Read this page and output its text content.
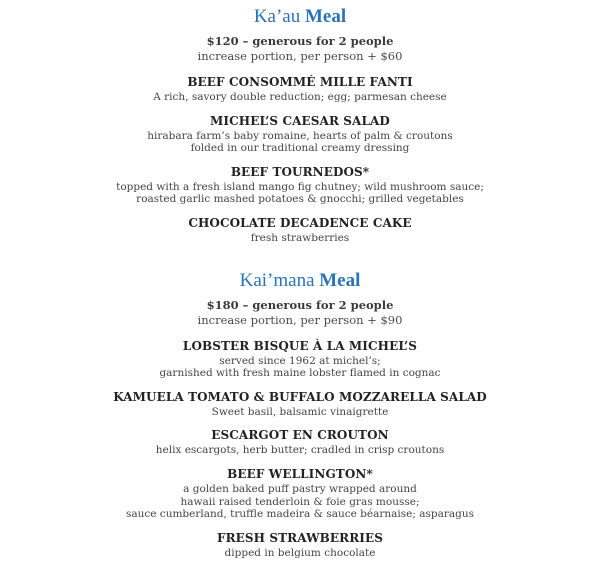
Ka’au Meal
$120 – generous for 2 people
increase portion, per person + $60
BEEF CONSOMMÉ MILLE FANTI
A rich, savory double reduction; egg; parmesan cheese
MICHEL’S CAESAR SALAD
hirabara farm’s baby romaine, hearts of palm & croutons
folded in our traditional creamy dressing
BEEF TOURNEDOS*
topped with a fresh island mango fig chutney; wild mushroom sauce;
roasted garlic mashed potatoes & gnocchi; grilled vegetables
CHOCOLATE DECADENCE CAKE
fresh strawberries
Kai’mana Meal
$180 – generous for 2 people
increase portion, per person + $90
LOBSTER BISQUE À LA MICHEL’S
served since 1962 at michel’s;
garnished with fresh maine lobster flamed in cognac
KAMUELA TOMATO & BUFFALO MOZZARELLA SALAD
Sweet basil, balsamic vinaigrette
ESCARGOT EN CROUTON
helix escargots, herb butter; cradled in crisp croutons
BEEF WELLINGTON*
a golden baked puff pastry wrapped around
hawaii raised tenderloin & foie gras mousse;
sauce cumberland, truffle madeira & sauce béarnaise; asparagus
FRESH STRAWBERRIES
dipped in belgium chocolate
